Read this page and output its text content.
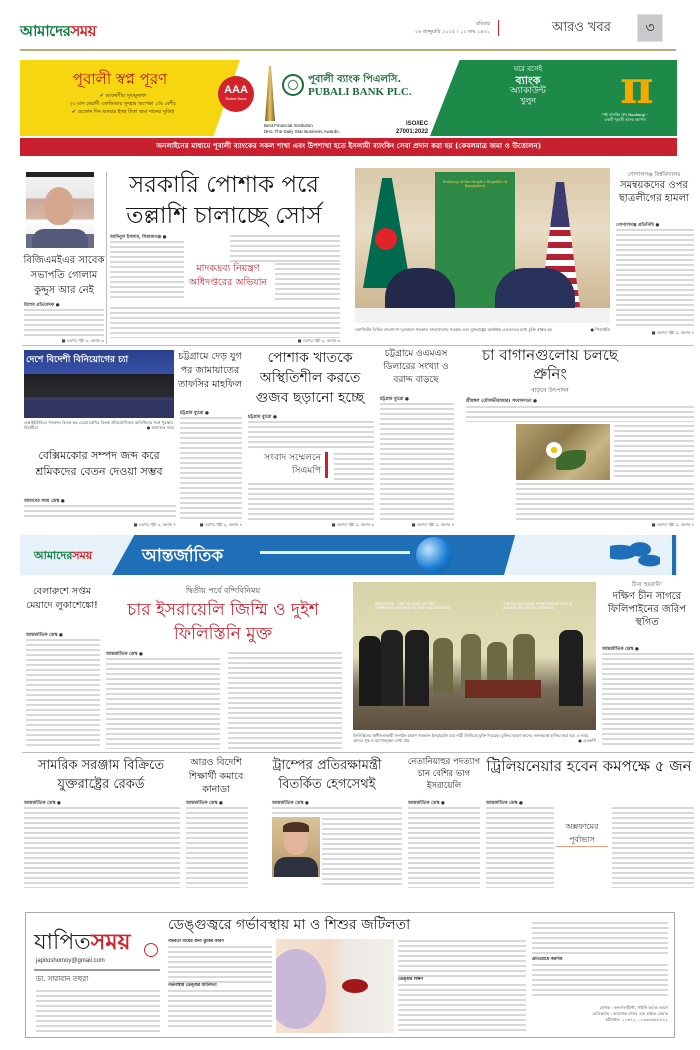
আমাদেরসময়	রবিবার
২৬ জানুয়ারি ২০২৫ । ১২ মাঘ ১৪৩১	আরও খবর ৩
পূবালী স্বপ্ন পূরণ
✔ আকর্ষণীয় সুদ/মুনাফা
(৩ মাস মেয়াদী এফডিআর সুদহার অপেক্ষা ১% বেশী)
✔ যেকোন দিন যতবার ইচ্ছা টাকা জমা দানের সুবিধা
AAA
Rated Bank
পূবালী ব্যাংক পিএলসি.
PUBALI BANK PLC.
Best Financial Institution
DHL-The Daily Star Business Awards.
ISO/IEC
27001:2022
ঘরে বসেই
ব্যাংক
অ্যাকাউন্ট
খুলুন	π
পাই ব্যাংকিং (PI Banking) -
একটি পূবালী ব্যাংক অ্যাপস
অনলাইনের মাধ্যমে পূবালী ব্যাংকের সকল শাখা এবং উপশাখা হতে ইসলামী ব্যাংকিং সেবা প্রদান করা হয় (কেবলমাত্র জমা ও উত্তোলন)
বিজিএমইএর সাবেক সভাপতি গোলাম কুদ্দুস আর নেই
বিশেষ প্রতিবেদক ●
■ এরপর পৃষ্ঠা ৯, কলাম ৬
সরকারি পোশাক পরে তল্লাশি চালাচ্ছে সোর্স
আমিনুল ইসলাম, সিরাজগঞ্জ ●
মাদকদ্রব্য নিয়ন্ত্রণ অধিদপ্তরের অভিযান
■ এরপর পৃষ্ঠা ৯, কলাম ৬
Embassy of the People's Republic of Bangladesh
ওয়াশিংটন ডিসির বাংলাদেশ দূতাবাসে গতকাল বাংলাদেশের সরকার এবং যুক্তরাষ্ট্রের আর্কাইভ এনএসএর মধ্যে চুক্তি স্বাক্ষর হয়	● পিআইডি
গোপালগঞ্জ বিশ্ববিদ্যালয়
সমন্বয়কদের ওপর ছাত্রলীগের হামলা
গোপালগঞ্জ প্রতিনিধি ●
■ এরপর পৃষ্ঠা ৯, কলাম ৭
দেশে বিদেশী বিনিয়োগের চ্যা
এআইইউবিতে গতকাল বিতর্ক ফর ডেমোক্রেসির বিতর্ক প্রতিযোগিতায় অতিথিদের সঙ্গে পুরস্কার বিজয়ীরা	● আমাদের সময়
চট্টগ্রামে দেড় যুগ পর জামায়াতের তাফসির মাহফিল
চট্টগ্রাম ব্যুরো ●
■ এরপর পৃষ্ঠা ৯, কলাম ৪
পোশাক খাতকে অস্থিতিশীল করতে গুজব ছড়ানো হচ্ছে
চট্টগ্রাম ব্যুরো ●
সংবাদ সম্মেলনে সিএমপি
■ এরপর পৃষ্ঠা ৯, কলাম ৬
চট্টগ্রামে ওএমএস ডিলারের সংখ্যা ও বরাদ্দ বাড়ছে
চট্টগ্রাম ব্যুরো ●
■ এরপর পৃষ্ঠা ৯, কলাম ৪
চা বাগানগুলোয় চলছে প্রুনিং
বাড়বে উৎপাদন
শ্রীমঙ্গল (মৌলভীবাজার) সংবাদদাতা ●
■ এরপর পৃষ্ঠা ৯, কলাম ৭
বেক্সিমকোর সম্পদ জব্দ করে শ্রমিকদের বেতন দেওয়া সম্ভব
আমাদের সময় ডেস্ক ●
■ এরপর পৃষ্ঠা ৯, কলাম ৭
আমাদেরসময়	আন্তর্জাতিক
বেলারুশে সপ্তম মেয়াদে লুকাশেঙ্কো!
আন্তর্জাতিক ডেস্ক ●
দ্বিতীয় পর্বে বন্দিবিনিময়
চার ইসরায়েলি জিম্মি ও দুইশ ফিলিস্তিনি মুক্ত
আন্তর্জাতিক ডেস্ক ●
PALESTINE - THE VICTORY OF THE OPPRESSED PEOPLE VS THE NAZI ZIONISM
THE PALESTINIAN FIGHTERS OF FLOOD ALWAYS BE THE VICTORIOUS
ফিলিস্তিনের স্বাধীনতাকামী সংগঠন হামাস গতকাল ইসরায়েলি চার নারী জিম্মিকে মুক্তি দিয়েছে। মুক্তির আগে তাদের জনসমক্ষে হাজির করা হয়। এ সময় তাদের সুস্থ ও হাসোজ্জ্বল দেখা যায়	● এএফপি
চীনা 'হয়রানি'
দক্ষিণ চীন সাগরে ফিলিপাইনের জরিপ স্থগিত
আন্তর্জাতিক ডেস্ক ●
সামরিক সরঞ্জাম বিক্রিতে যুক্তরাষ্ট্রের রেকর্ড
আন্তর্জাতিক ডেস্ক ●
আরও বিদেশি শিক্ষার্থী কমাবে কানাডা
আন্তর্জাতিক ডেস্ক ●
ট্রাম্পের প্রতিরক্ষামন্ত্রী বিতর্কিত হেগসেথই
আন্তর্জাতিক ডেস্ক ●
নেতানিয়াহুর পদত্যাগ চান বেশির ভাগ ইসরায়েলি
আন্তর্জাতিক ডেস্ক ●
ট্রিলিয়নেয়ার হবেন কমপক্ষে ৫ জন
আন্তর্জাতিক ডেস্ক ●
অক্সফামের পূর্বাভাস
যাপিতসময়
japitoshomoy@gmail.com
ডা. সারাবান তহুরা
ডেঙ্গুজ্বরে গর্ভাবস্থায় মা ও শিশুর জটিলতা
গর্ভবতী মায়ের জন্য ঝুঁকির কারণ
গর্ভাবস্থায় ডেঙ্গুর জটিলতা
ডেঙ্গুর লক্ষণ
প্রতিরোধে করণীয়
লেখক : কনসালট্যান্ট, গাইনি অ্যান্ড অবস
মেডিক্যাল : আলোক মাদার এন্ড চাইল্ড কেয়ার
হটলাইন: ১০৬৭২, ০১৩৩৭৬৮৮৮২২
